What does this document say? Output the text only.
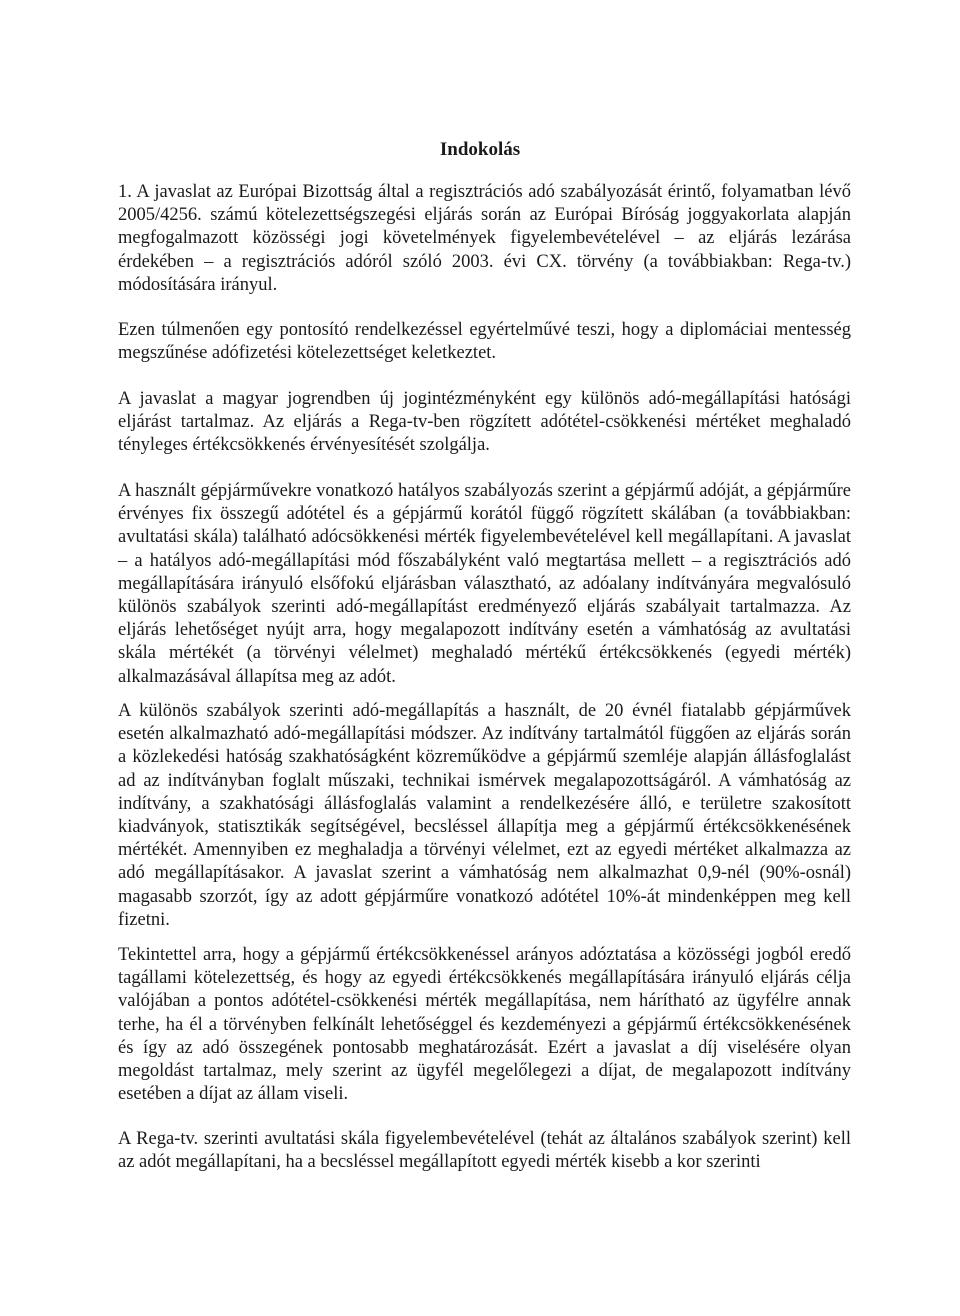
Indokolás

1. A javaslat az Európai Bizottság által a regisztrációs adó szabályozását érintő, folyamatban lévő 2005/4256. számú kötelezettségszegési eljárás során az Európai Bíróság joggyakorlata alapján megfogalmazott közösségi jogi követelmények figyelembevételével – az eljárás lezárása érdekében – a regisztrációs adóról szóló 2003. évi CX. törvény (a továbbiakban: Rega-tv.) módosítására irányul.

Ezen túlmenően egy pontosító rendelkezéssel egyértelművé teszi, hogy a diplomáciai mentesség megszűnése adófizetési kötelezettséget keletkeztet.

A javaslat a magyar jogrendben új jogintézményként egy különös adó-megállapítási hatósági eljárást tartalmaz. Az eljárás a Rega-tv-ben rögzített adótétel-csökkenési mértéket meghaladó tényleges értékcsökkenés érvényesítését szolgálja.

A használt gépjárművekre vonatkozó hatályos szabályozás szerint a gépjármű adóját, a gépjárműre érvényes fix összegű adótétel és a gépjármű korától függő rögzített skálában (a továbbiakban: avultatási skála) található adócsökkenési mérték figyelembevételével kell megállapítani. A javaslat – a hatályos adó-megállapítási mód főszabályként való megtartása mellett – a regisztrációs adó megállapítására irányuló elsőfokú eljárásban választható, az adóalany indítványára megvalósuló különös szabályok szerinti adó-megállapítást eredményező eljárás szabályait tartalmazza. Az eljárás lehetőséget nyújt arra, hogy megalapozott indítvány esetén a vámhatóság az avultatási skála mértékét (a törvényi vélelmet) meghaladó mértékű értékcsökkenés (egyedi mérték) alkalmazásával állapítsa meg az adót.

A különös szabályok szerinti adó-megállapítás a használt, de 20 évnél fiatalabb gépjárművek esetén alkalmazható adó-megállapítási módszer. Az indítvány tartalmától függően az eljárás során a közlekedési hatóság szakhatóságként közreműködve a gépjármű szemléje alapján állásfoglalást ad az indítványban foglalt műszaki, technikai ismérvek megalapozottságáról. A vámhatóság az indítvány, a szakhatósági állásfoglalás valamint a rendelkezésére álló, e területre szakosított kiadványok, statisztikák segítségével, becsléssel állapítja meg a gépjármű értékcsökkenésének mértékét. Amennyiben ez meghaladja a törvényi vélelmet, ezt az egyedi mértéket alkalmazza az adó megállapításakor. A javaslat szerint a vámhatóság nem alkalmazhat 0,9-nél (90%-osnál) magasabb szorzót, így az adott gépjárműre vonatkozó adótétel 10%-át mindenképpen meg kell fizetni.

Tekintettel arra, hogy a gépjármű értékcsökkenéssel arányos adóztatása a közösségi jogból eredő tagállami kötelezettség, és hogy az egyedi értékcsökkenés megállapítására irányuló eljárás célja valójában a pontos adótétel-csökkenési mérték megállapítása, nem hárítható az ügyfélre annak terhe, ha él a törvényben felkínált lehetőséggel és kezdeményezi a gépjármű értékcsökkenésének és így az adó összegének pontosabb meghatározását. Ezért a javaslat a díj viselésére olyan megoldást tartalmaz, mely szerint az ügyfél megelőlegezi a díjat, de megalapozott indítvány esetében a díjat az állam viseli.

A Rega-tv. szerinti avultatási skála figyelembevételével (tehát az általános szabályok szerint) kell az adót megállapítani, ha a becsléssel megállapított egyedi mérték kisebb a kor szerinti
